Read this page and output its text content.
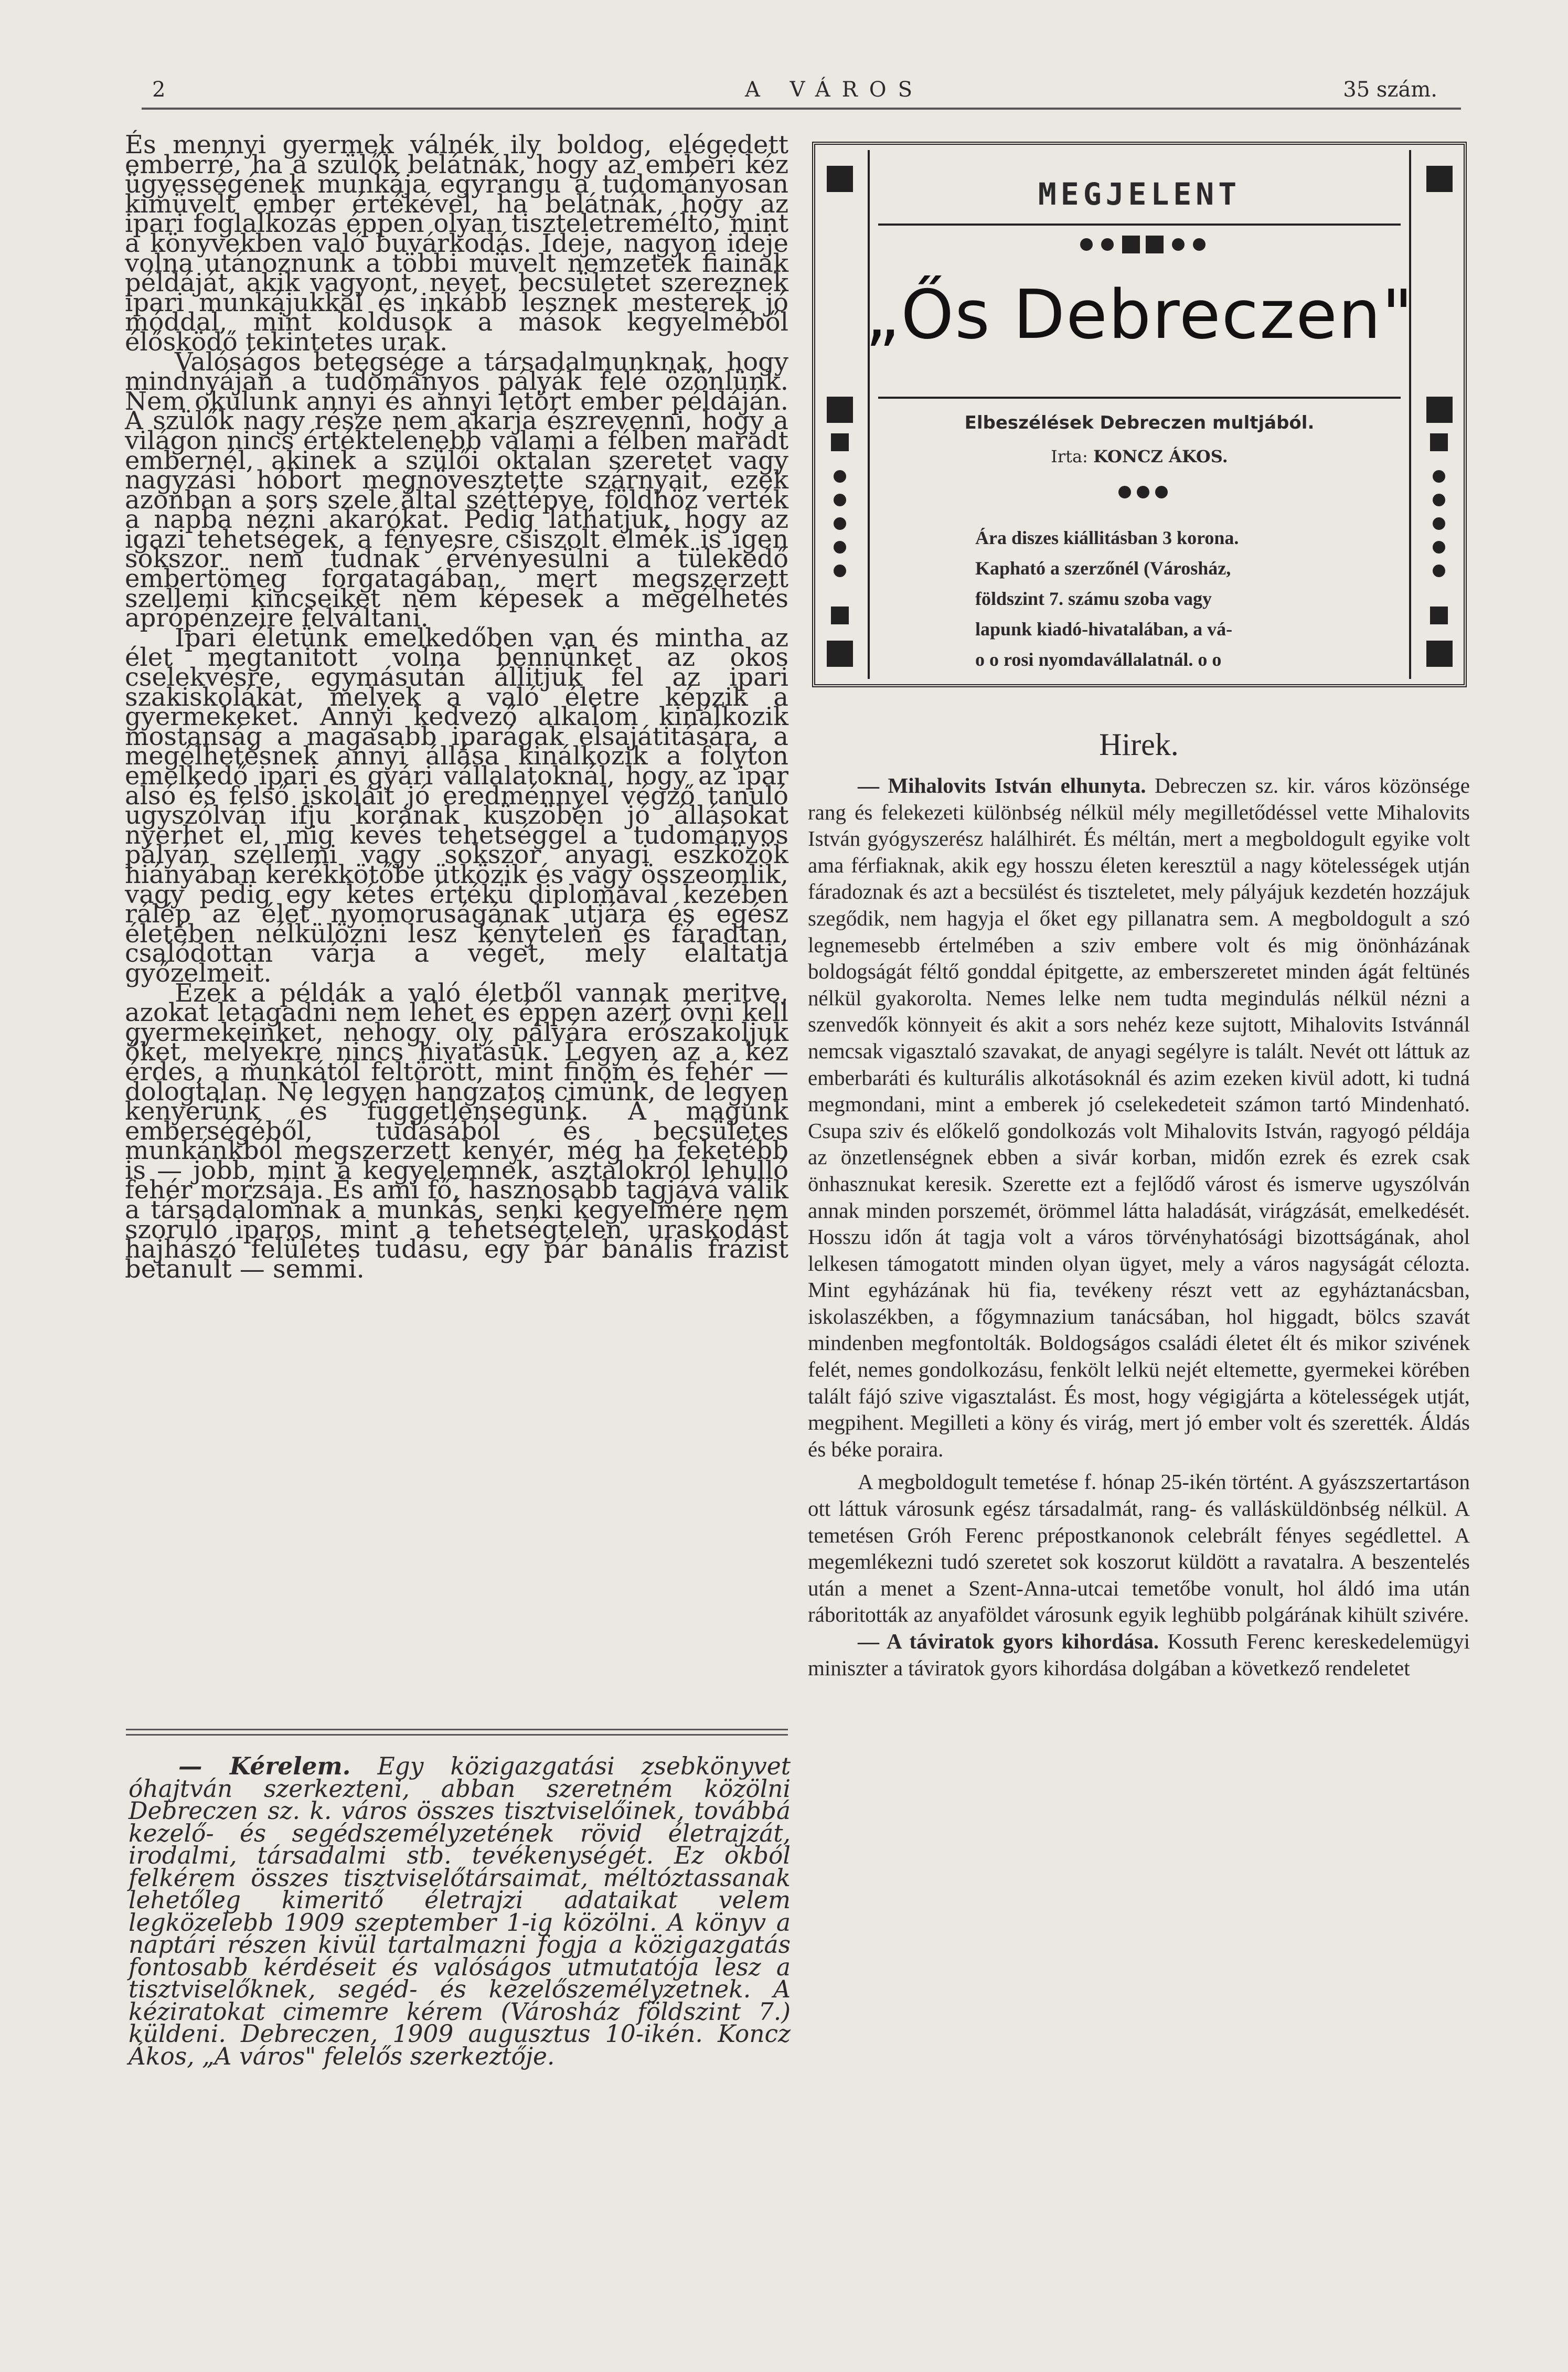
2	A VÁROS	35 szám.

És mennyi gyermek válnék ily boldog, elégedett emberré, ha a szülők belátnák, hogy az emberi kéz ügyességének munkája egyrangu a tudományosan kimüvelt ember értékével, ha belátnák, hogy az ipari foglalkozás éppen olyan tiszteletreméltó, mint a könyvekben való buvárkodás. Ideje, nagyon ideje volna utánoznunk a többi müvelt nemzetek fiainak példáját, akik vagyont, nevet, becsületet szereznek ipari munkájukkal és inkább lesznek mesterek jó móddal, mint koldusok a mások kegyelméből élősködő tekintetes urak.

Valóságos betegsége a társadalmunknak, hogy mindnyájan a tudományos pályák felé özönlünk. Nem okulunk annyi és annyi letört ember példáján. A szülők nagy része nem akarja észrevenni, hogy a világon nincs értéktelenebb valami a félben maradt embernél, akinek a szülői oktalan szeretet vagy nagyzási hóbort megnövesztette szárnyait, ezek azonban a sors szele által széttépve, földhöz verték a napba nézni akarókat. Pedig láthatjuk, hogy az igazi tehetségek, a fényesre csiszolt elmék is igen sokszor nem tudnak érvényesülni a tülekedő embertömeg forgatagában, mert megszerzett szellemi kincseiket nem képesek a megélhetés aprópénzeire felváltani.

Ipari életünk emelkedőben van és mintha az élet megtanitott volna bennünket az okos cselekvésre, egymásután állitjuk fel az ipari szakiskolákat, melyek a való életre képzik a gyermekeket. Annyi kedvező alkalom kinálkozik mostanság a magasabb iparágak elsajátitására, a megélhetésnek annyi állása kinálkozik a folyton emelkedő ipari és gyári vállalatoknál, hogy az ipar alsó és felső iskoláit jó eredménnyel végző tanuló ugyszólván ifju korának küszöbén jó állásokat nyerhet el, mig kevés tehetséggel a tudományos pályán szellemi vagy sokszor anyagi eszközök hiányában kerékkötőbe ütközik és vagy összeomlik, vagy pedig egy kétes értékü diplomával kezében rálép az élet nyomoruságának utjára és egész életében nélkülözni lesz kénytelen és fáradtan, csalódottan várja a véget, mely elaltatja győzelmeit.

Ezek a példák a való életből vannak meritve, azokat letagadni nem lehet és éppen azért óvni kell gyermekeinket, nehogy oly pályára erőszakoljuk őket, melyekre nincs hivatásuk. Legyen az a kéz érdes, a munkától feltörött, mint finom és fehér — dologtalan. Ne legyen hangzatos cimünk, de legyen kenyerünk és függetlenségünk. A magunk emberségéből, tudásából és becsületes munkánkból megszerzett kenyér, még ha feketébb is — jobb, mint a kegyelemnek, asztalokról lehulló fehér morzsája. És ami fő, hasznosabb tagjává válik a társadalomnak a munkás, senki kegyelmére nem szoruló iparos, mint a tehetségtelen, uraskodást hajhászó felületes tudásu, egy pár banális frázist betanult — semmi.

— Kérelem. Egy közigazgatási zsebkönyvet óhajtván szerkezteni, abban szeretném közölni Debreczen sz. k. város összes tisztviselőinek, továbbá kezelő- és segédszemélyzetének rövid életrajzát, irodalmi, társadalmi stb. tevékenységét. Ez okból felkérem összes tisztviselőtársaimat, méltóztassanak lehetőleg kimeritő életrajzi adataikat velem legközelebb 1909 szeptember 1-ig közölni. A könyv a naptári részen kivül tartalmazni fogja a közigazgatás fontosabb kérdéseit és valóságos utmutatója lesz a tisztviselőknek, segéd- és kezelőszemélyzetnek. A kéziratokat cimemre kérem (Városház földszint 7.) küldeni. Debreczen, 1909 augusztus 10-ikén. Koncz Ákos, „A város" felelős szerkeztője.

MEGJELENT
„Ős Debreczen"
Elbeszélések Debreczen multjából.
Irta: KONCZ ÁKOS.
Ára diszes kiállitásban 3 korona.
Kapható a szerzőnél (Városház,
földszint 7. számu szoba vagy
lapunk kiadó-hivatalában, a vá-
o o rosi nyomdavállalatnál. o o
Hirek.

— Mihalovits István elhunyta. Debreczen sz. kir. város közönsége rang és felekezeti különbség nélkül mély megilletődéssel vette Mihalovits István gyógyszerész halálhirét. És méltán, mert a megboldogult egyike volt ama férfiaknak, akik egy hosszu életen keresztül a nagy kötelességek utján fáradoznak és azt a becsülést és tiszteletet, mely pályájuk kezdetén hozzájuk szegődik, nem hagyja el őket egy pillanatra sem. A megboldogult a szó legnemesebb értelmében a sziv embere volt és mig önönházának boldogságát féltő gonddal épitgette, az emberszeretet minden ágát feltünés nélkül gyakorolta. Nemes lelke nem tudta megindulás nélkül nézni a szenvedők könnyeit és akit a sors nehéz keze sujtott, Mihalovits Istvánnál nemcsak vigasztaló szavakat, de anyagi segélyre is talált. Nevét ott láttuk az emberbaráti és kulturális alkotásoknál és azim ezeken kivül adott, ki tudná megmondani, mint a emberek jó cselekedeteit számon tartó Mindenható. Csupa sziv és előkelő gondolkozás volt Mihalovits István, ragyogó példája az önzetlenségnek ebben a sivár korban, midőn ezrek és ezrek csak önhasznukat keresik. Szerette ezt a fejlődő várost és ismerve ugyszólván annak minden porszemét, örömmel látta haladását, virágzását, emelkedését. Hosszu időn át tagja volt a város törvényhatósági bizottságának, ahol lelkesen támogatott minden olyan ügyet, mely a város nagyságát célozta. Mint egyházának hü fia, tevékeny részt vett az egyháztanácsban, iskolaszékben, a főgymnazium tanácsában, hol higgadt, bölcs szavát mindenben megfontolták. Boldogságos családi életet élt és mikor szivének felét, nemes gondolkozásu, fenkölt lelkü nejét eltemette, gyermekei körében talált fájó szive vigasztalást. És most, hogy végigjárta a kötelességek utját, megpihent. Megilleti a köny és virág, mert jó ember volt és szerették. Áldás és béke poraira.

A megboldogult temetése f. hónap 25-ikén történt. A gyászszertartáson ott láttuk városunk egész társadalmát, rang- és vallásküldönbség nélkül. A temetésen Gróh Ferenc prépostkanonok celebrált fényes segédlettel. A megemlékezni tudó szeretet sok koszorut küldött a ravatalra. A beszentelés után a menet a Szent-Anna-utcai temetőbe vonult, hol áldó ima után ráboritották az anyaföldet városunk egyik leghübb polgárának kihült szivére.

— A táviratok gyors kihordása. Kossuth Ferenc kereskedelemügyi miniszter a táviratok gyors kihordása dolgában a következő rendeletet
